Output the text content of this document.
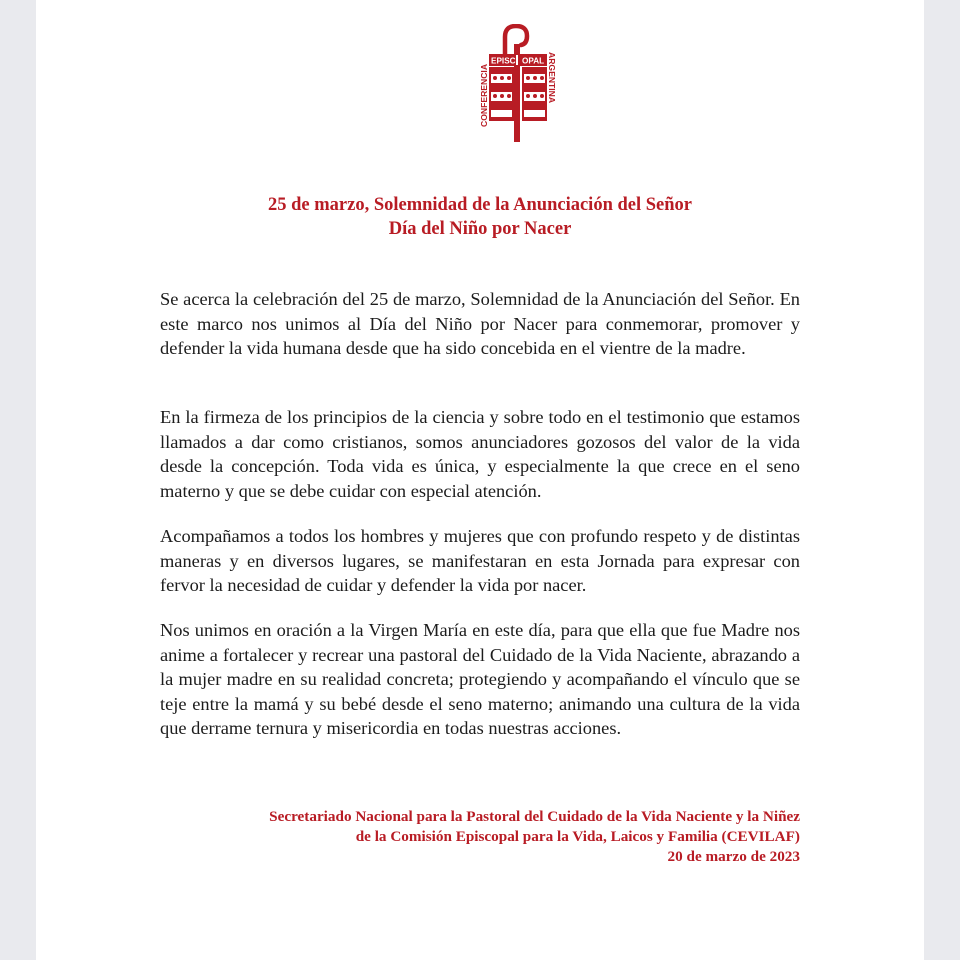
CONFERENCIA	ARGENTINA
EPISC OPAL
25 de marzo, Solemnidad de la Anunciación del Señor
Día del Niño por Nacer

Se acerca la celebración del 25 de marzo, Solemnidad de la Anunciación del Señor. En este marco nos unimos al Día del Niño por Nacer para conmemorar, promover y defender la vida humana desde que ha sido concebida en el vientre de la madre.

En la firmeza de los principios de la ciencia y sobre todo en el testimonio que estamos llamados a dar como cristianos, somos anunciadores gozosos del valor de la vida desde la concepción. Toda vida es única, y especialmente la que crece en el seno materno y que se debe cuidar con especial atención.

Acompañamos a todos los hombres y mujeres que con profundo respeto y de distintas maneras y en diversos lugares, se manifestaran en esta Jornada para expresar con fervor la necesidad de cuidar y defender la vida por nacer.

Nos unimos en oración a la Virgen María en este día, para que ella que fue Madre nos anime a fortalecer y recrear una pastoral del Cuidado de la Vida Naciente, abrazando a la mujer madre en su realidad concreta; protegiendo y acompañando el vínculo que se teje entre la mamá y su bebé desde el seno materno; animando una cultura de la vida que derrame ternura y misericordia en todas nuestras acciones.

Secretariado Nacional para la Pastoral del Cuidado de la Vida Naciente y la Niñez
de la Comisión Episcopal para la Vida, Laicos y Familia (CEVILAF)
20 de marzo de 2023
